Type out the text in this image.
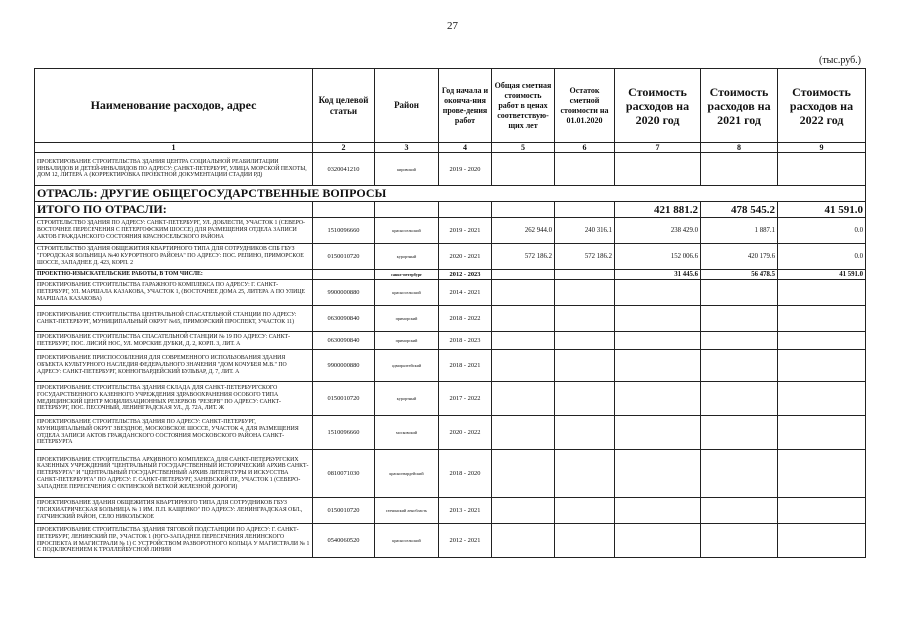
27
(тыс.руб.)
Наименование расходов, адрес	Код целевой статьи	Район	Год начала и оконча-ния прове-дения работ	Общая сметная стоимость работ в ценах соответствую-щих лет	Остаток сметной стоимости на 01.01.2020	Стоимость расходов на 2020 год	Стоимость расходов на 2021 год	Стоимость расходов на 2022 год
1	2	3	4	5	6	7	8	9
ПРОЕКТИРОВАНИЕ СТРОИТЕЛЬСТВА ЗДАНИЯ ЦЕНТРА СОЦИАЛЬНОЙ РЕАБИЛИТАЦИИ ИНВАЛИДОВ И ДЕТЕЙ-ИНВАЛИДОВ ПО АДРЕСУ: САНКТ-ПЕТЕРБУРГ, УЛИЦА МОРСКОЙ ПЕХОТЫ, ДОМ 12, ЛИТЕРА А (КОРРЕКТИРОВКА ПРОЕКТНОЙ ДОКУМЕНТАЦИИ СТАДИИ РД)	0320041210	кировский	2019 - 2020					
ОТРАСЛЬ: ДРУГИЕ ОБЩЕГОСУДАРСТВЕННЫЕ ВОПРОСЫ								
ИТОГО ПО ОТРАСЛИ:						421 881.2	478 545.2	41 591.0
СТРОИТЕЛЬСТВО ЗДАНИЯ ПО АДРЕСУ: САНКТ-ПЕТЕРБУРГ, УЛ. ДОБЛЕСТИ, УЧАСТОК 1 (СЕВЕРО-ВОСТОЧНЕЕ ПЕРЕСЕЧЕНИЯ С ПЕТЕРГОФСКИМ ШОССЕ) ДЛЯ РАЗМЕЩЕНИЯ ОТДЕЛА ЗАПИСИ АКТОВ ГРАЖДАНСКОГО СОСТОЯНИЯ КРАСНОСЕЛЬСКОГО РАЙОНА	1510096660	красносельский	2019 - 2021	262 944.0	240 316.1	238 429.0	1 887.1	0.0
СТРОИТЕЛЬСТВО ЗДАНИЯ ОБЩЕЖИТИЯ КВАРТИРНОГО ТИПА ДЛЯ СОТРУДНИКОВ СПБ ГБУЗ "ГОРОДСКАЯ БОЛЬНИЦА №40 КУРОРТНОГО РАЙОНА" ПО АДРЕСУ: ПОС. РЕПИНО, ПРИМОРСКОЕ ШОССЕ, ЗАПАДНЕЕ Д. 423, КОРП. 2	0150010720	курортный	2020 - 2021	572 186.2	572 186.2	152 006.6	420 179.6	0.0
ПРОЕКТНО-ИЗЫСКАТЕЛЬСКИЕ РАБОТЫ, В ТОМ ЧИСЛЕ:		санкт-петербург	2012 - 2023			31 445.6	56 478.5	41 591.0
ПРОЕКТИРОВАНИЕ СТРОИТЕЛЬСТВА ГАРАЖНОГО КОМПЛЕКСА ПО АДРЕСУ: Г. САНКТ-ПЕТЕРБУРГ, УЛ. МАРШАЛА КАЗАКОВА, УЧАСТОК 1, (ВОСТОЧНЕЕ ДОМА 25, ЛИТЕРА А ПО УЛИЦЕ МАРШАЛА КАЗАКОВА)	9900000880	красносельский	2014 - 2021					
ПРОЕКТИРОВАНИЕ СТРОИТЕЛЬСТВА ЦЕНТРАЛЬНОЙ СПАСАТЕЛЬНОЙ СТАНЦИИ ПО АДРЕСУ: САНКТ-ПЕТЕРБУРГ, МУНИЦИПАЛЬНЫЙ ОКРУГ №65, ПРИМОРСКИЙ ПРОСПЕКТ, УЧАСТОК 11)	0630090840	приморский	2018 - 2022					
ПРОЕКТИРОВАНИЕ СТРОИТЕЛЬСТВА СПАСАТЕЛЬНОЙ СТАНЦИИ № 19 ПО АДРЕСУ: САНКТ-ПЕТЕРБУРГ, ПОС. ЛИСИЙ НОС, УЛ. МОРСКИЕ ДУБКИ, Д. 2, КОРП. 3, ЛИТ. А	0630090840	приморский	2018 - 2023					
ПРОЕКТИРОВАНИЕ ПРИСПОСОБЛЕНИЯ ДЛЯ СОВРЕМЕННОГО ИСПОЛЬЗОВАНИЯ ЗДАНИЯ ОБЪЕКТА КУЛЬТУРНОГО НАСЛЕДИЯ ФЕДЕРАЛЬНОГО ЗНАЧЕНИЯ "ДОМ КОЧУБЕЯ М.В." ПО АДРЕСУ: САНКТ-ПЕТЕРБУРГ, КОННОГВАРДЕЙСКИЙ БУЛЬВАР, Д. 7, ЛИТ. А	9900000880	адмиралтейский	2018 - 2021					
ПРОЕКТИРОВАНИЕ СТРОИТЕЛЬСТВА ЗДАНИЯ СКЛАДА ДЛЯ САНКТ-ПЕТЕРБУРГСКОГО ГОСУДАРСТВЕННОГО КАЗЕННОГО УЧРЕЖДЕНИЯ ЗДРАВООХРАНЕНИЯ ОСОБОГО ТИПА МЕДИЦИНСКИЙ ЦЕНТР МОБИЛИЗАЦИОННЫХ РЕЗЕРВОВ "РЕЗЕРВ" ПО АДРЕСУ: САНКТ-ПЕТЕРБУРГ, ПОС. ПЕСОЧНЫЙ, ЛЕНИНГРАДСКАЯ УЛ., Д. 72А, ЛИТ. Ж	0150010720	курортный	2017 - 2022					
ПРОЕКТИРОВАНИЕ СТРОИТЕЛЬСТВА ЗДАНИЯ ПО АДРЕСУ: САНКТ-ПЕТЕРБУРГ, МУНИЦИПАЛЬНЫЙ ОКРУГ ЗВЕЗДНОЕ, МОСКОВСКОЕ ШОССЕ, УЧАСТОК 4, ДЛЯ РАЗМЕЩЕНИЯ ОТДЕЛА ЗАПИСИ АКТОВ ГРАЖДАНСКОГО СОСТОЯНИЯ МОСКОВСКОГО РАЙОНА САНКТ-ПЕТЕРБУРГА	1510096660	московский	2020 - 2022					
ПРОЕКТИРОВАНИЕ СТРОИТЕЛЬСТВА АРХИВНОГО КОМПЛЕКСА ДЛЯ САНКТ-ПЕТЕРБУРГСКИХ КАЗЕННЫХ УЧРЕЖДЕНИЙ "ЦЕНТРАЛЬНЫЙ ГОСУДАРСТВЕННЫЙ ИСТОРИЧЕСКИЙ АРХИВ САНКТ-ПЕТЕРБУРГА" И "ЦЕНТРАЛЬНЫЙ ГОСУДАРСТВЕННЫЙ АРХИВ ЛИТЕРАТУРЫ И ИСКУССТВА САНКТ-ПЕТЕРБУРГА" ПО АДРЕСУ: Г. САНКТ-ПЕТЕРБУРГ, ЗАНЕВСКИЙ ПР., УЧАСТОК 1 (СЕВЕРО-ЗАПАДНЕЕ ПЕРЕСЕЧЕНИЯ С ОХТИНСКОЙ ВЕТКОЙ ЖЕЛЕЗНОЙ ДОРОГИ)	0810071030	красногвардейский	2018 - 2020					
ПРОЕКТИРОВАНИЕ ЗДАНИЯ ОБЩЕЖИТИЯ КВАРТИРНОГО ТИПА ДЛЯ СОТРУДНИКОВ ГБУЗ "ПСИХИАТРИЧЕСКАЯ БОЛЬНИЦА № 1 ИМ. П.П. КАЩЕНКО" ПО АДРЕСУ: ЛЕНИНГРАДСКАЯ ОБЛ., ГАТЧИНСКИЙ РАЙОН, СЕЛО НИКОЛЬСКОЕ	0150010720	гатчинский ленобласть	2013 - 2021					
ПРОЕКТИРОВАНИЕ СТРОИТЕЛЬСТВА ЗДАНИЯ ТЯГОВОЙ ПОДСТАНЦИИ ПО АДРЕСУ: Г. САНКТ-ПЕТЕРБУРГ, ЛЕНИНСКИЙ ПР., УЧАСТОК 1 (ЮГО-ЗАПАДНЕЕ ПЕРЕСЕЧЕНИЯ ЛЕНИНСКОГО ПРОСПЕКТА И МАГИСТРАЛИ № 1) С УСТРОЙСТВОМ РАЗВОРОТНОГО КОЛЬЦА У МАГИСТРАЛИ № 1 С ПОДКЛЮЧЕНИЕМ К ТРОЛЛЕЙБУСНОЙ ЛИНИИ	0540060520	красносельский	2012 - 2021					
